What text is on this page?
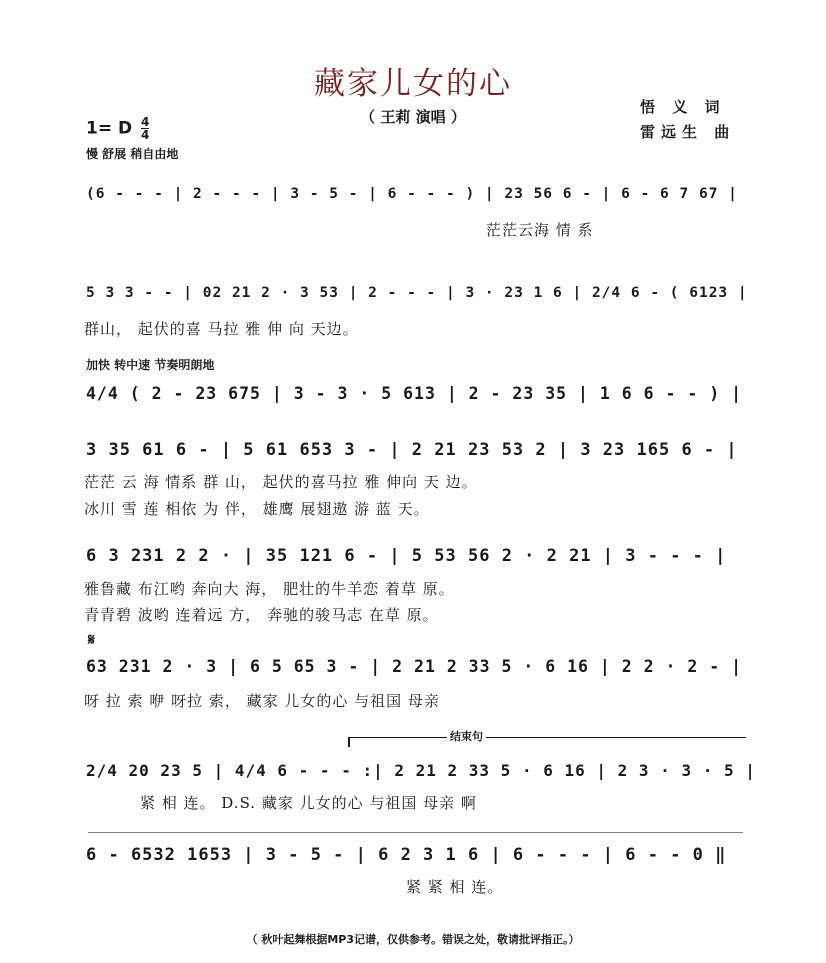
藏家儿女的心
（ 王莉 演唱 ）
悟 义 词
雷远生 曲
1= D $\frac{4}{4}$
慢 舒展 稍自由地
加快 转中速 节奏明朗地
(6 - - - | 2 - - - | 3 - 5 - | 6 - - - ) | 23 56 6 - | 6 - 6 7 67 |
茫茫云海 情 系
5 3 3 - - | 02 21 2 · 3 53 | 2 - - - | 3 · 23 1 6 | 2/4 6 - ( 6123 |
群山， 起伏的喜 马拉 雅 伸 向 天边。
4/4 ( 2 - 23 675 | 3 - 3 · 5 613 | 2 - 23 35 | 1 6 6 - - ) |
3 35 61 6 - | 5 61 653 3 - | 2 21 23 53 2 | 3 23 165 6 - |
茫茫 云 海 情系 群 山， 起伏的喜马拉 雅 伸向 天 边。
冰川 雪 莲 相依 为 伴， 雄鹰 展翅遨 游 蓝 天。
6 3 231 2 2 · | 35 121 6 - | 5 53 56 2 · 2 21 | 3 - - - |
雅鲁藏 布江哟 奔向大 海， 肥壮的牛羊恋 着草 原。
青青碧 波哟 连着远 方， 奔驰的骏马志 在草 原。
𝄋
63 231 2 · 3 | 6 5 65 3 - | 2 21 2 33 5 · 6 16 | 2 2 · 2 - |
呀 拉 索 咿 呀拉 索， 藏家 儿女的心 与祖国 母亲
结束句
2/4 20 23 5 | 4/4 6 - - - :| 2 21 2 33 5 · 6 16 | 2 3 · 3 · 5 |
紧 相 连。 D.S. 藏家 儿女的心 与祖国 母亲 啊
6 - 6532 1653 | 3 - 5 - | 6 2 3 1 6 | 6 - - - | 6 - - 0 ‖
紧 紧 相 连。
（ 秋叶起舞根据MP3记谱，仅供参考。错误之处，敬请批评指正。）
